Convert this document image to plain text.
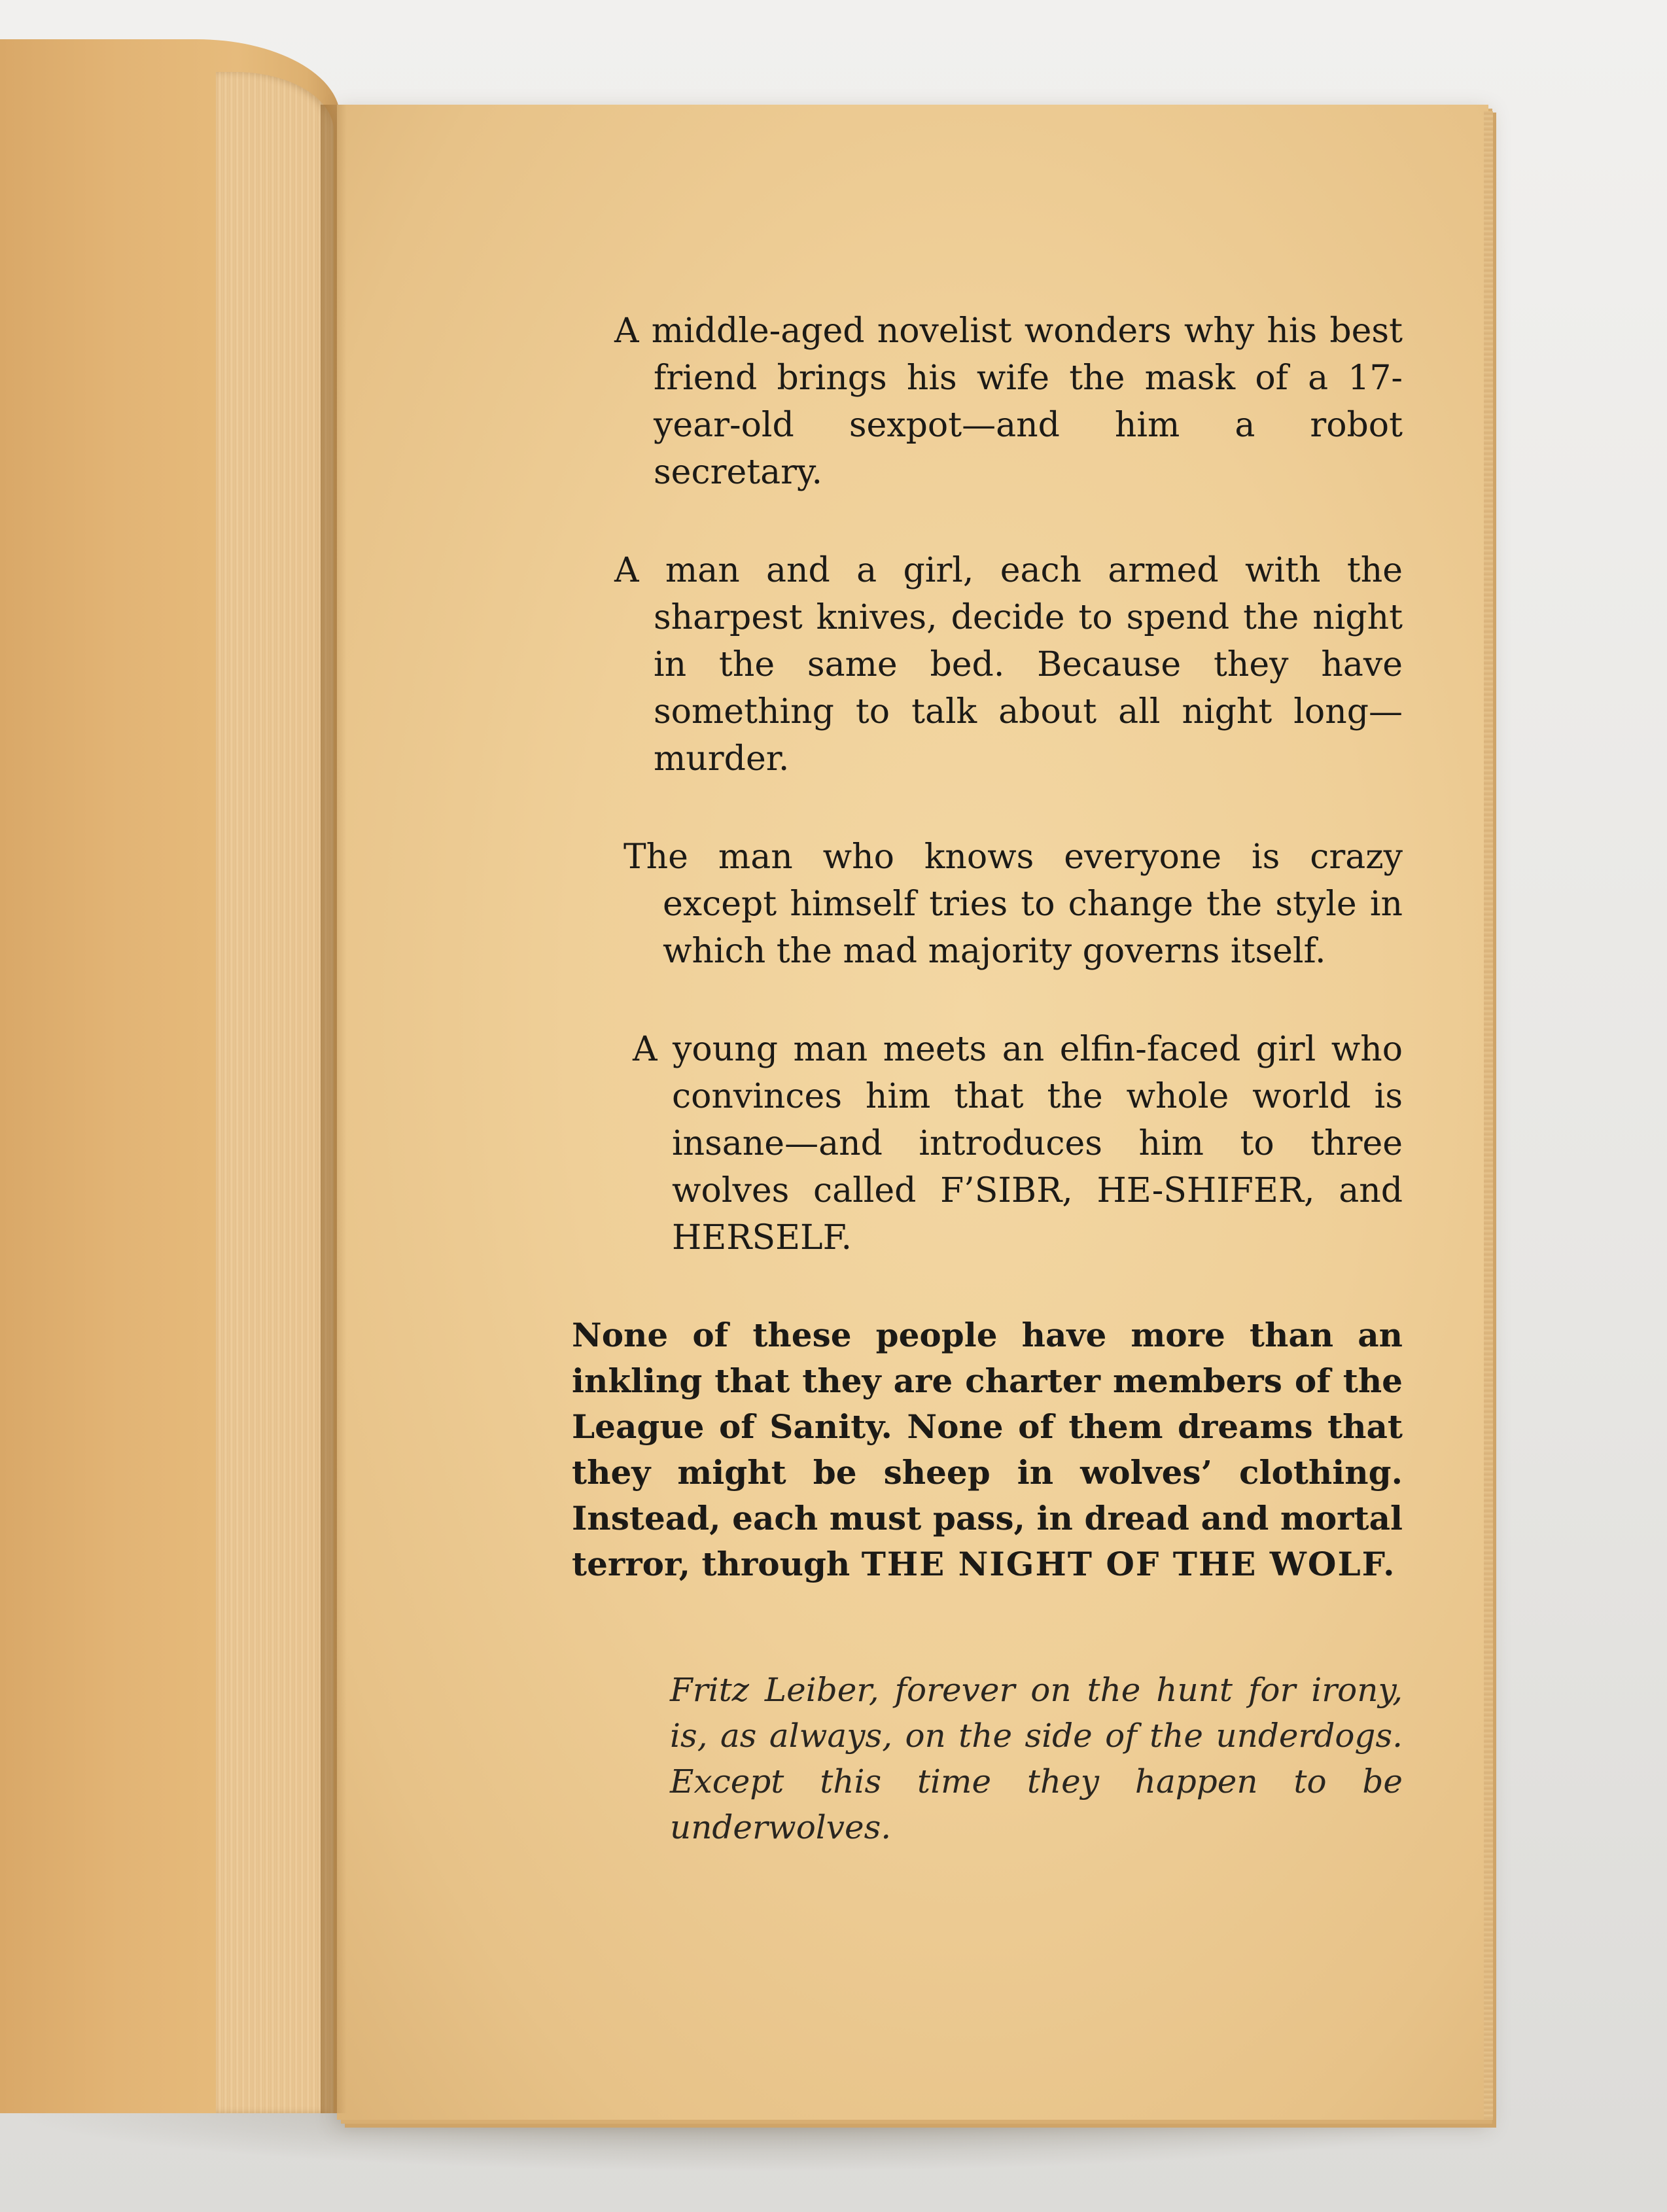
A middle-aged novelist wonders why his best friend brings his wife the mask of a 17-year-old sexpot—and him a robot secretary.

A man and a girl, each armed with the sharpest knives, decide to spend the night in the same bed. Because they have something to talk about all night long—murder.

The man who knows everyone is crazy except himself tries to change the style in which the mad majority governs itself.

A young man meets an elfin-faced girl who convinces him that the whole world is insane—and introduces him to three wolves called F’SIBR, HE-SHIFER, and HERSELF.

None of these people have more than an inkling that they are charter members of the League of Sanity. None of them dreams that they might be sheep in wolves’ clothing. Instead, each must pass, in dread and mortal terror, through THE NIGHT OF THE WOLF.

Fritz Leiber, forever on the hunt for irony, is, as always, on the side of the underdogs. Except this time they happen to be underwolves.
